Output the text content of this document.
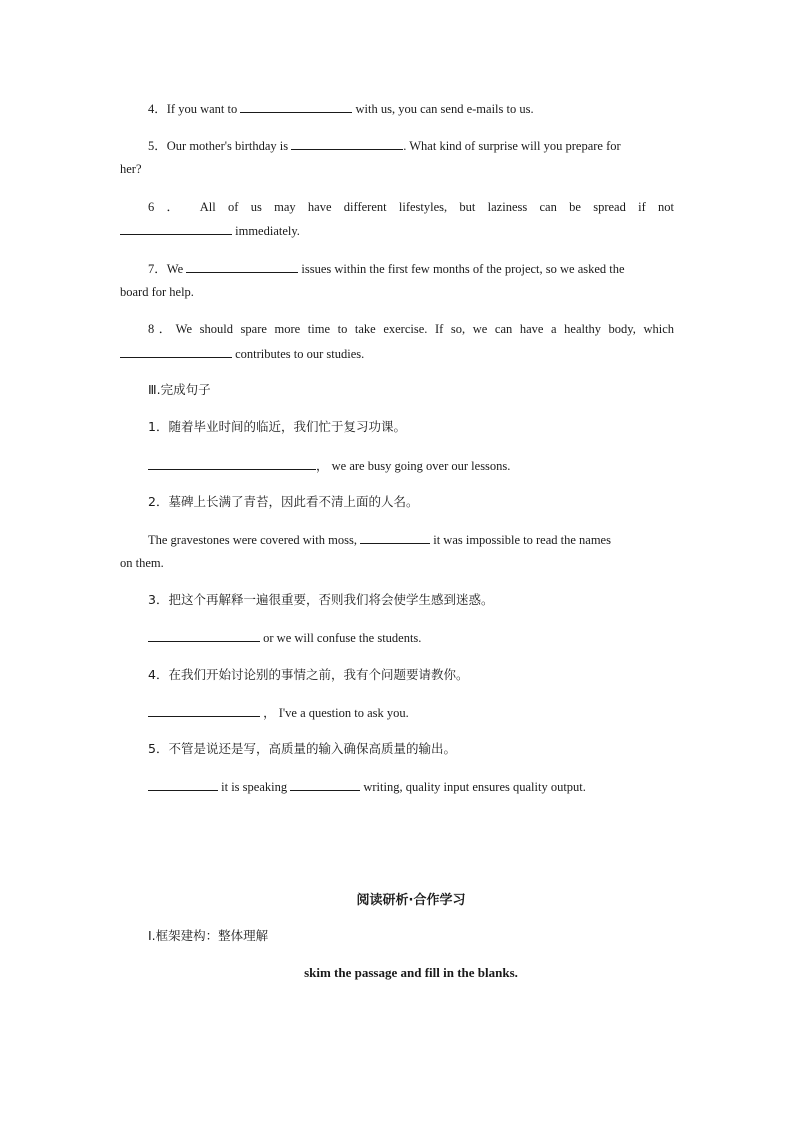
4．If you want to	with us, you can send e-mails to us.
5．Our mother's birthday is	. What kind of surprise will you prepare for
her?
6 ． All of us may have different lifestyles, but laziness can be spread if not
immediately.
7．We	issues within the first few months of the project, so we asked the
board for help.
8．We should spare more time to take exercise. If so, we can have a healthy body, which
contributes to our studies.
Ⅲ.完成句子
1．随着毕业时间的临近，我们忙于复习功课。
， we are busy going over our lessons.
2．墓碑上长满了青苔，因此看不清上面的人名。
The gravestones were covered with moss,	it was impossible to read the names
on them.
3．把这个再解释一遍很重要，否则我们将会使学生感到迷惑。
or we will confuse the students.
4．在我们开始讨论别的事情之前，我有个问题要请教你。
， I've a question to ask you.
5．不管是说还是写，高质量的输入确保高质量的输出。
it is speaking	writing, quality input ensures quality output.
阅读研析·合作学习
Ⅰ.框架建构：整体理解
skim the passage and fill in the blanks.
